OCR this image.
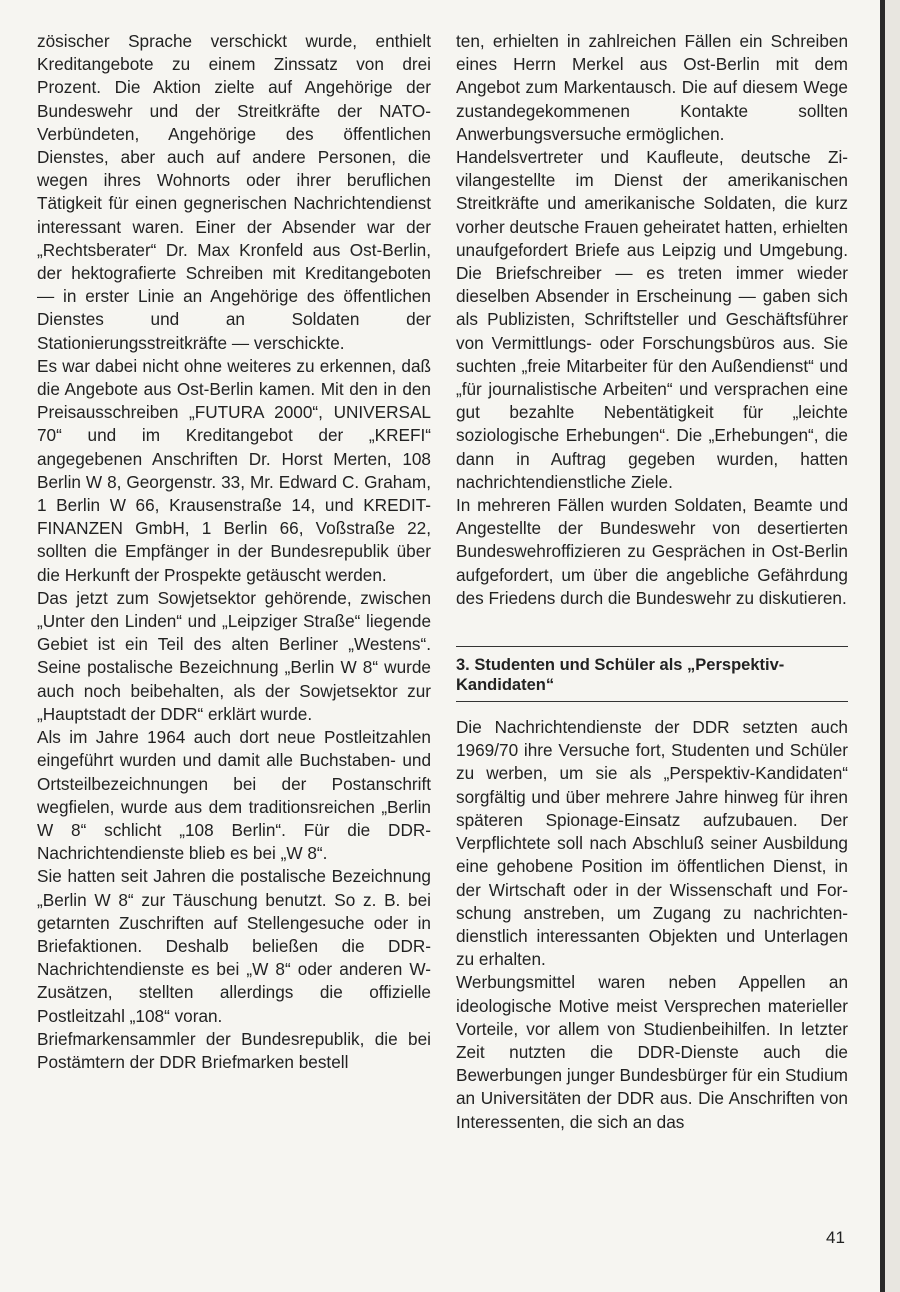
zösischer Sprache verschickt wurde, enthielt Kreditangebote zu einem Zinssatz von drei Prozent. Die Aktion zielte auf Angehörige der Bundeswehr und der Streitkräfte der NATO-Verbündeten, Angehörige des öffentlichen Dienstes, aber auch auf andere Personen, die wegen ihres Wohnorts oder ihrer beruflichen Tätigkeit für einen gegnerischen Nachrichtendienst interessant waren. Einer der Absender war der „Rechtsberater“ Dr. Max Kronfeld aus Ost-Berlin, der hektografierte Schreiben mit Kreditangeboten — in erster Linie an Angehörige des öffentlichen Dienstes und an Soldaten der Stationierungsstreitkräfte — verschickte.

Es war dabei nicht ohne weiteres zu erkennen, daß die Angebote aus Ost-Berlin kamen. Mit den in den Preisausschreiben „FUTURA 2000“, UNIVERSAL 70“ und im Kreditangebot der „KREFI“ angegebenen Anschriften Dr. Horst Merten, 108 Berlin W 8, Georgenstr. 33, Mr. Edward C. Graham, 1 Berlin W 66, Krausenstraße 14, und KREDIT-FINANZEN GmbH, 1 Berlin 66, Voßstraße 22, sollten die Empfänger in der Bundesrepublik über die Herkunft der Prospekte getäuscht werden.

Das jetzt zum Sowjetsektor gehörende, zwischen „Unter den Linden“ und „Leipziger Straße“ liegende Gebiet ist ein Teil des alten Berliner „Westens“. Seine postalische Bezeichnung „Berlin W 8“ wurde auch noch beibehalten, als der Sowjetsektor zur „Hauptstadt der DDR“ erklärt wurde.

Als im Jahre 1964 auch dort neue Postleitzahlen eingeführt wurden und damit alle Buchstaben- und Ortsteilbezeichnungen bei der Postanschrift wegfielen, wurde aus dem traditionsreichen „Berlin W 8“ schlicht „108 Berlin“. Für die DDR-Nachrichtendienste blieb es bei „W 8“.

Sie hatten seit Jahren die postalische Bezeichnung „Berlin W 8“ zur Täuschung benutzt. So z. B. bei getarnten Zuschriften auf Stellengesuche oder in Briefaktionen. Deshalb beließen die DDR-Nachrichtendienste es bei „W 8“ oder anderen W-Zusätzen, stellten allerdings die offizielle Postleitzahl „108“ voran.

Briefmarkensammler der Bundesrepublik, die bei Postämtern der DDR Briefmarken bestell

ten, erhielten in zahlreichen Fällen ein Schreiben eines Herrn Merkel aus Ost-Berlin mit dem Angebot zum Markentausch. Die auf diesem Wege zustandegekommenen Kontakte sollten Anwerbungsversuche ermöglichen.

Handelsvertreter und Kaufleute, deutsche Zivilangestellte im Dienst der amerikanischen Streitkräfte und amerikanische Soldaten, die kurz vorher deutsche Frauen geheiratet hatten, erhielten unaufgefordert Briefe aus Leipzig und Umgebung. Die Briefschreiber — es treten immer wieder dieselben Absender in Erscheinung — gaben sich als Publizisten, Schriftsteller und Geschäftsführer von Vermittlungs- oder Forschungsbüros aus. Sie suchten „freie Mitarbeiter für den Außendienst“ und „für journalistische Arbeiten“ und versprachen eine gut bezahlte Nebentätigkeit für „leichte soziologische Erhebungen“. Die „Erhebungen“, die dann in Auftrag gegeben wurden, hatten nachrichtendienstliche Ziele.

In mehreren Fällen wurden Soldaten, Beamte und Angestellte der Bundeswehr von desertierten Bundeswehroffizieren zu Gesprächen in Ost-Berlin aufgefordert, um über die angebliche Gefährdung des Friedens durch die Bundeswehr zu diskutieren.

3. Studenten und Schüler als „Perspektiv-Kandidaten“

Die Nachrichtendienste der DDR setzten auch 1969/70 ihre Versuche fort, Studenten und Schüler zu werben, um sie als „Perspektiv-Kandidaten“ sorgfältig und über mehrere Jahre hinweg für ihren späteren Spionage-Einsatz aufzubauen. Der Verpflichtete soll nach Abschluß seiner Ausbildung eine gehobene Position im öffentlichen Dienst, in der Wirtschaft oder in der Wissenschaft und Forschung anstreben, um Zugang zu nachrichtendienstlich interessanten Objekten und Unterlagen zu erhalten.

Werbungsmittel waren neben Appellen an ideologische Motive meist Versprechen materieller Vorteile, vor allem von Studienbeihilfen. In letzter Zeit nutzten die DDR-Dienste auch die Bewerbungen junger Bundesbürger für ein Studium an Universitäten der DDR aus. Die Anschriften von Interessenten, die sich an das

41
